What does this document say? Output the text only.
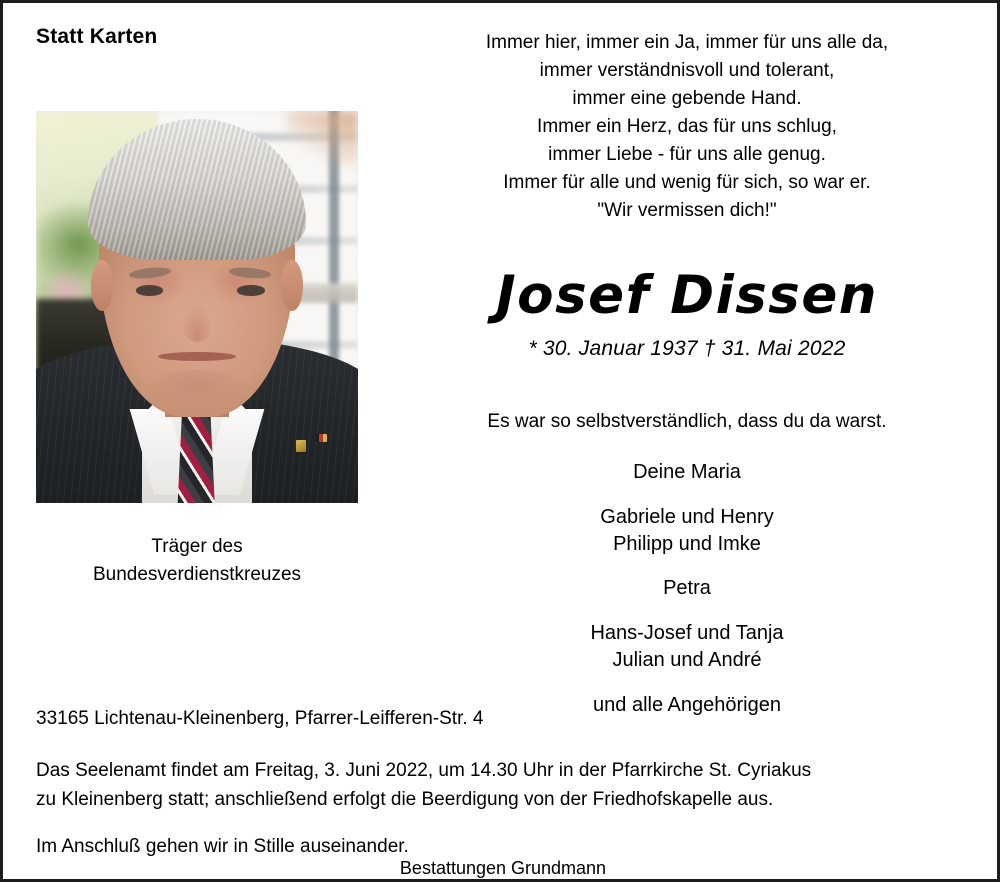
Statt Karten
Träger des
Bundesverdienstkreuzes
Immer hier, immer ein Ja, immer für uns alle da,
immer verständnisvoll und tolerant,
immer eine gebende Hand.
Immer ein Herz, das für uns schlug,
immer Liebe - für uns alle genug.
Immer für alle und wenig für sich, so war er.
"Wir vermissen dich!"
Josef Dissen
* 30. Januar 1937 † 31. Mai 2022
Es war so selbstverständlich, dass du da warst.
Deine Maria
Gabriele und Henry
Philipp und Imke
Petra
Hans-Josef und Tanja
Julian und André
und alle Angehörigen
33165 Lichtenau-Kleinenberg, Pfarrer-Leifferen-Str. 4
Das Seelenamt findet am Freitag, 3. Juni 2022, um 14.30 Uhr in der Pfarrkirche St. Cyriakus
zu Kleinenberg statt; anschließend erfolgt die Beerdigung von der Friedhofskapelle aus.
Im Anschluß gehen wir in Stille auseinander.
Bestattungen Grundmann
